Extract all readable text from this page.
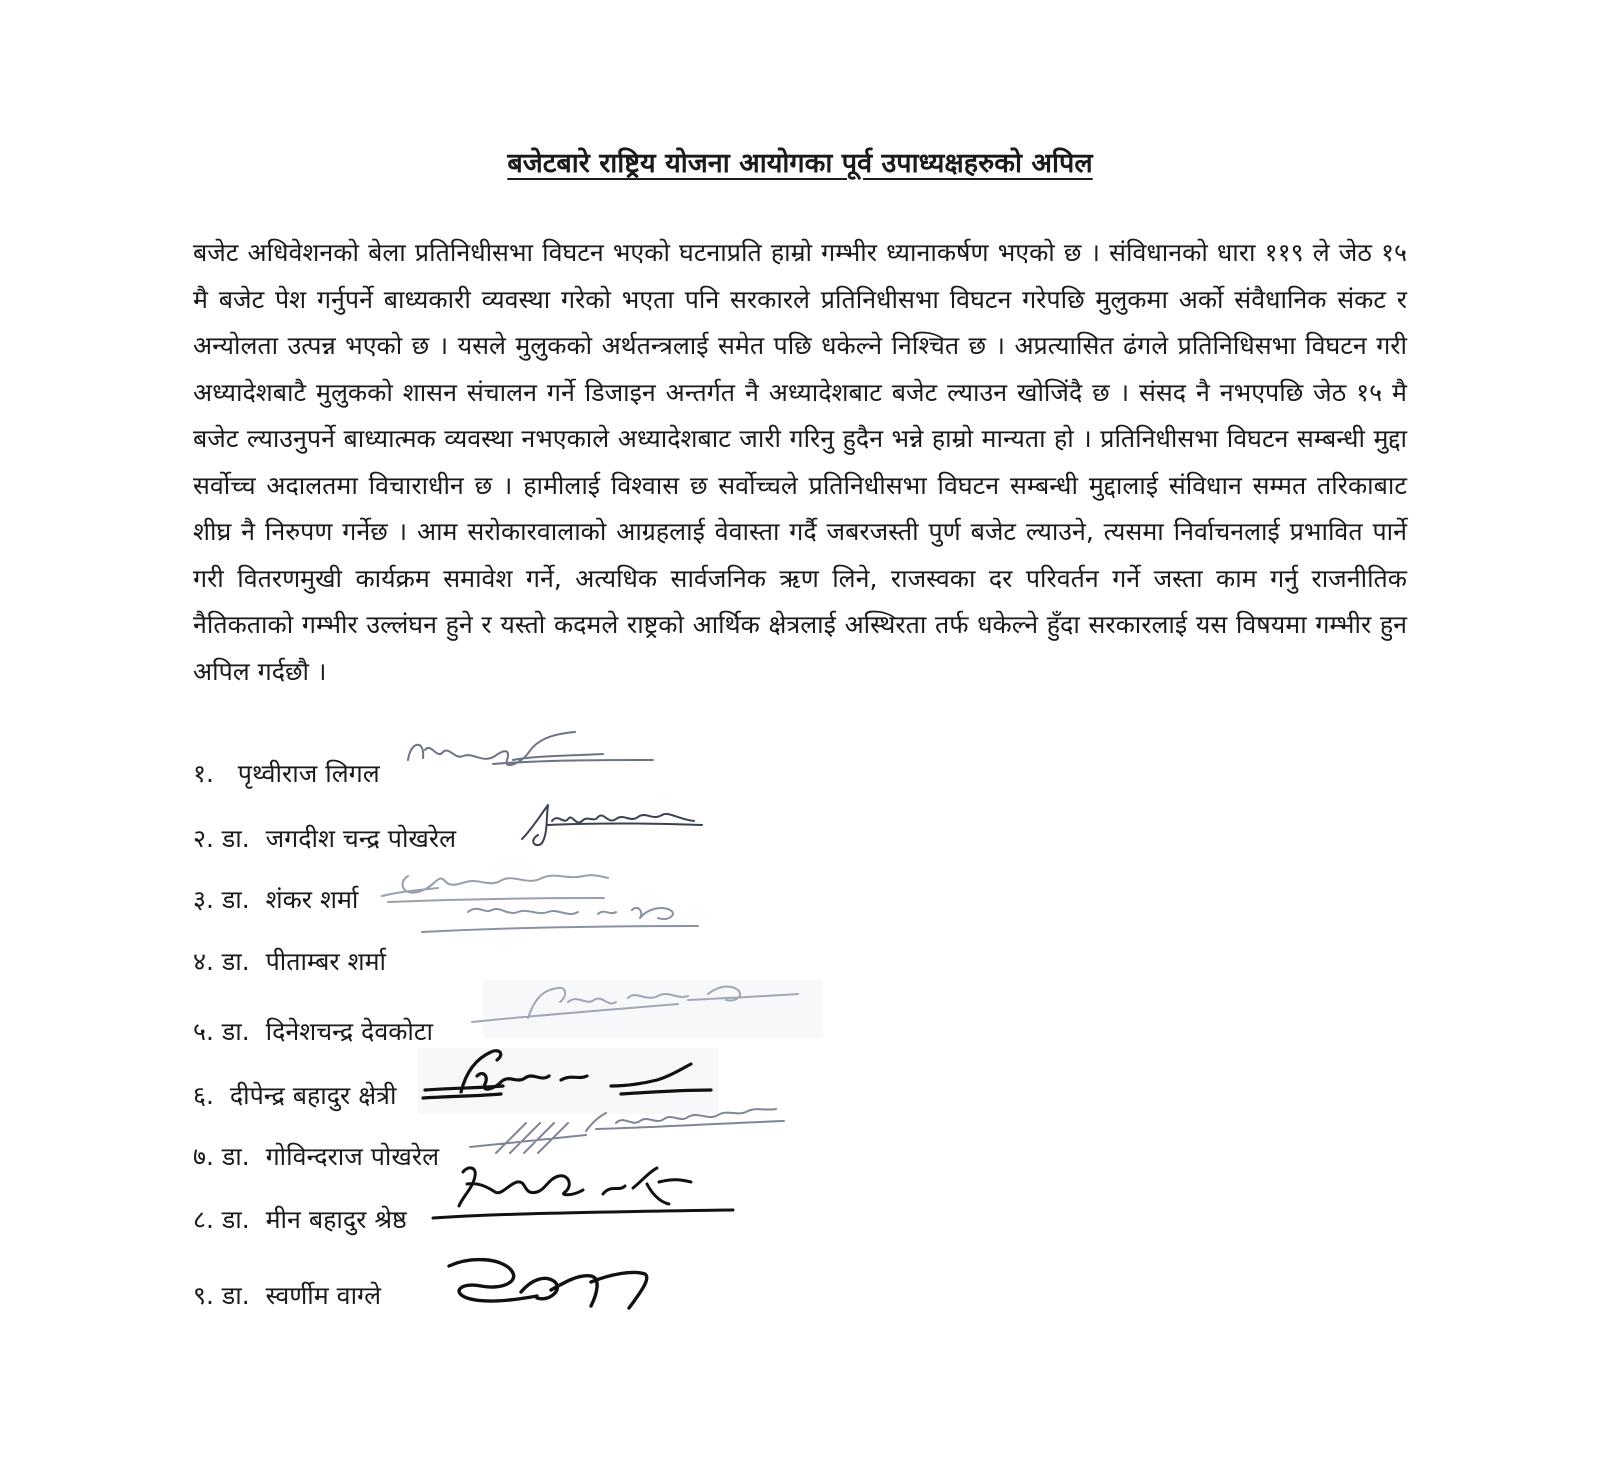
बजेटबारे राष्ट्रिय योजना आयोगका पूर्व उपाध्यक्षहरुको अपिल

बजेट अधिवेशनको बेला प्रतिनिधीसभा विघटन भएको घटनाप्रति हाम्रो गम्भीर ध्यानाकर्षण भएको छ । संविधानको धारा ११९ ले जेठ १५ मै बजेट पेश गर्नुपर्ने बाध्यकारी व्यवस्था गरेको भएता पनि सरकारले प्रतिनिधीसभा विघटन गरेपछि मुलुकमा अर्को संवैधानिक संकट र अन्योलता उत्पन्न भएको छ । यसले मुलुकको अर्थतन्त्रलाई समेत पछि धकेल्ने निश्चित छ । अप्रत्यासित ढंगले प्रतिनिधिसभा विघटन गरी अध्यादेशबाटै मुलुकको शासन संचालन गर्ने डिजाइन अन्तर्गत नै अध्यादेशबाट बजेट ल्याउन खोजिंदै छ । संसद नै नभएपछि जेठ १५ मै बजेट ल्याउनुपर्ने बाध्यात्मक व्यवस्था नभएकाले अध्यादेशबाट जारी गरिनु हुदैन भन्ने हाम्रो मान्यता हो । प्रतिनिधीसभा विघटन सम्बन्धी मुद्दा सर्वोच्च अदालतमा विचाराधीन छ । हामीलाई विश्वास छ सर्वोच्चले प्रतिनिधीसभा विघटन सम्बन्धी मुद्दालाई संविधान सम्मत तरिकाबाट शीघ्र नै निरुपण गर्नेछ । आम सरोकारवालाको आग्रहलाई वेवास्ता गर्दै जबरजस्ती पुर्ण बजेट ल्याउने, त्यसमा निर्वाचनलाई प्रभावित पार्ने गरी वितरणमुखी कार्यक्रम समावेश गर्ने, अत्यधिक सार्वजनिक ऋण लिने, राजस्वका दर परिवर्तन गर्ने जस्ता काम गर्नु राजनीतिक नैतिकताको गम्भीर उल्लंघन हुने र यस्तो कदमले राष्ट्रको आर्थिक क्षेत्रलाई अस्थिरता तर्फ धकेल्ने हुँदा सरकारलाई यस विषयमा गम्भीर हुन अपिल गर्दछौ ।

१. पृथ्वीराज लिगल
२. डा. जगदीश चन्द्र पोखरेल
३. डा. शंकर शर्मा
४. डा. पीताम्बर शर्मा
५. डा. दिनेशचन्द्र देवकोटा
६. दीपेन्द्र बहादुर क्षेत्री
७. डा. गोविन्दराज पोखरेल
८. डा. मीन बहादुर श्रेष्ठ
९. डा. स्वर्णीम वाग्ले
